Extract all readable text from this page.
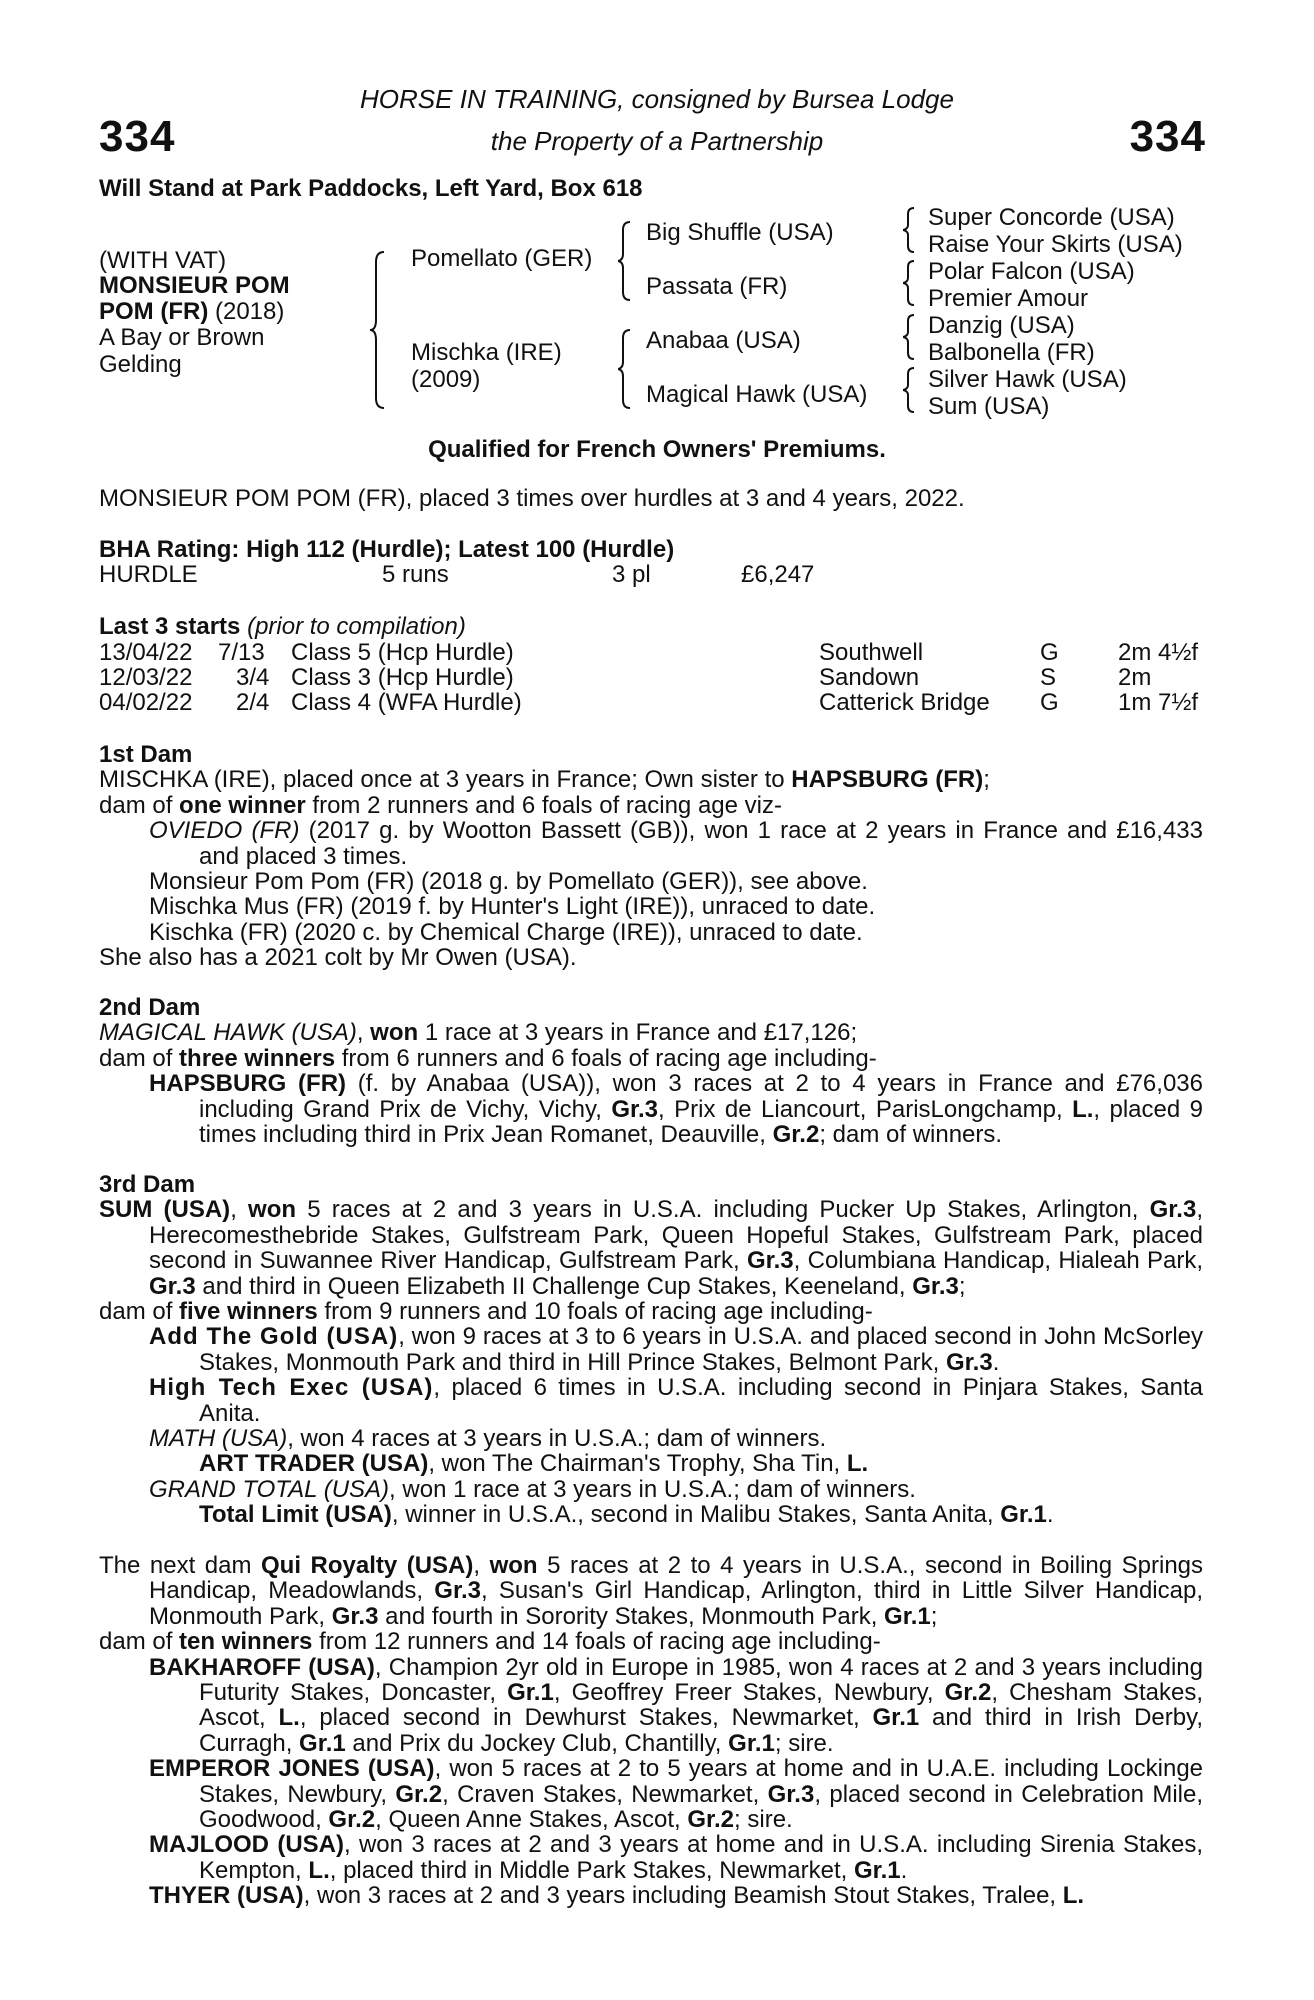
334	334
HORSE IN TRAINING, consigned by Bursea Lodge
the Property of a Partnership
Will Stand at Park Paddocks, Left Yard, Box 618
(WITH VAT)
MONSIEUR POM
POM (FR) (2018)
A Bay or Brown
Gelding
Pomellato (GER)
Mischka (IRE)
(2009)
Big Shuffle (USA)
Passata (FR)
Anabaa (USA)
Magical Hawk (USA)
Super Concorde (USA)
Raise Your Skirts (USA)
Polar Falcon (USA)
Premier Amour
Danzig (USA)
Balbonella (FR)
Silver Hawk (USA)
Sum (USA)
Qualified for French Owners' Premiums.
MONSIEUR POM POM (FR), placed 3 times over hurdles at 3 and 4 years, 2022.
BHA Rating: High 112 (Hurdle); Latest 100 (Hurdle)
HURDLE	5 runs	3 pl	£6,247
Last 3 starts (prior to compilation)
13/04/22 7/13 Class 5 (Hcp Hurdle)	Southwell	G 2m 4½f
12/03/22 3/4 Class 3 (Hcp Hurdle)	Sandown	S	2m
04/02/22 2/4 Class 4 (WFA Hurdle)	Catterick Bridge G 1m 7½f

1st Dam

MISCHKA (IRE), placed once at 3 years in France; Own sister to HAPSBURG (FR);

dam of one winner from 2 runners and 6 foals of racing age viz-

OVIEDO (FR) (2017 g. by Wootton Bassett (GB)), won 1 race at 2 years in France and £16,433 and placed 3 times.

Monsieur Pom Pom (FR) (2018 g. by Pomellato (GER)), see above.

Mischka Mus (FR) (2019 f. by Hunter's Light (IRE)), unraced to date.

Kischka (FR) (2020 c. by Chemical Charge (IRE)), unraced to date.

She also has a 2021 colt by Mr Owen (USA).

2nd Dam

MAGICAL HAWK (USA), won 1 race at 3 years in France and £17,126;

dam of three winners from 6 runners and 6 foals of racing age including-

HAPSBURG (FR) (f. by Anabaa (USA)), won 3 races at 2 to 4 years in France and £76,036 including Grand Prix de Vichy, Vichy, Gr.3, Prix de Liancourt, ParisLongchamp, L., placed 9 times including third in Prix Jean Romanet, Deauville, Gr.2; dam of winners.

3rd Dam

SUM (USA), won 5 races at 2 and 3 years in U.S.A. including Pucker Up Stakes, Arlington, Gr.3, Herecomesthebride Stakes, Gulfstream Park, Queen Hopeful Stakes, Gulfstream Park, placed second in Suwannee River Handicap, Gulfstream Park, Gr.3, Columbiana Handicap, Hialeah Park, Gr.3 and third in Queen Elizabeth II Challenge Cup Stakes, Keeneland, Gr.3;

dam of five winners from 9 runners and 10 foals of racing age including-

Add The Gold (USA), won 9 races at 3 to 6 years in U.S.A. and placed second in John McSorley Stakes, Monmouth Park and third in Hill Prince Stakes, Belmont Park, Gr.3.

High Tech Exec (USA), placed 6 times in U.S.A. including second in Pinjara Stakes, Santa Anita.

MATH (USA), won 4 races at 3 years in U.S.A.; dam of winners.

ART TRADER (USA), won The Chairman's Trophy, Sha Tin, L.

GRAND TOTAL (USA), won 1 race at 3 years in U.S.A.; dam of winners.

Total Limit (USA), winner in U.S.A., second in Malibu Stakes, Santa Anita, Gr.1.

The next dam Qui Royalty (USA), won 5 races at 2 to 4 years in U.S.A., second in Boiling Springs Handicap, Meadowlands, Gr.3, Susan's Girl Handicap, Arlington, third in Little Silver Handicap, Monmouth Park, Gr.3 and fourth in Sorority Stakes, Monmouth Park, Gr.1;

dam of ten winners from 12 runners and 14 foals of racing age including-

BAKHAROFF (USA), Champion 2yr old in Europe in 1985, won 4 races at 2 and 3 years including Futurity Stakes, Doncaster, Gr.1, Geoffrey Freer Stakes, Newbury, Gr.2, Chesham Stakes, Ascot, L., placed second in Dewhurst Stakes, Newmarket, Gr.1 and third in Irish Derby, Curragh, Gr.1 and Prix du Jockey Club, Chantilly, Gr.1; sire.

EMPEROR JONES (USA), won 5 races at 2 to 5 years at home and in U.A.E. including Lockinge Stakes, Newbury, Gr.2, Craven Stakes, Newmarket, Gr.3, placed second in Celebration Mile, Goodwood, Gr.2, Queen Anne Stakes, Ascot, Gr.2; sire.

MAJLOOD (USA), won 3 races at 2 and 3 years at home and in U.S.A. including Sirenia Stakes, Kempton, L., placed third in Middle Park Stakes, Newmarket, Gr.1.

THYER (USA), won 3 races at 2 and 3 years including Beamish Stout Stakes, Tralee, L.
